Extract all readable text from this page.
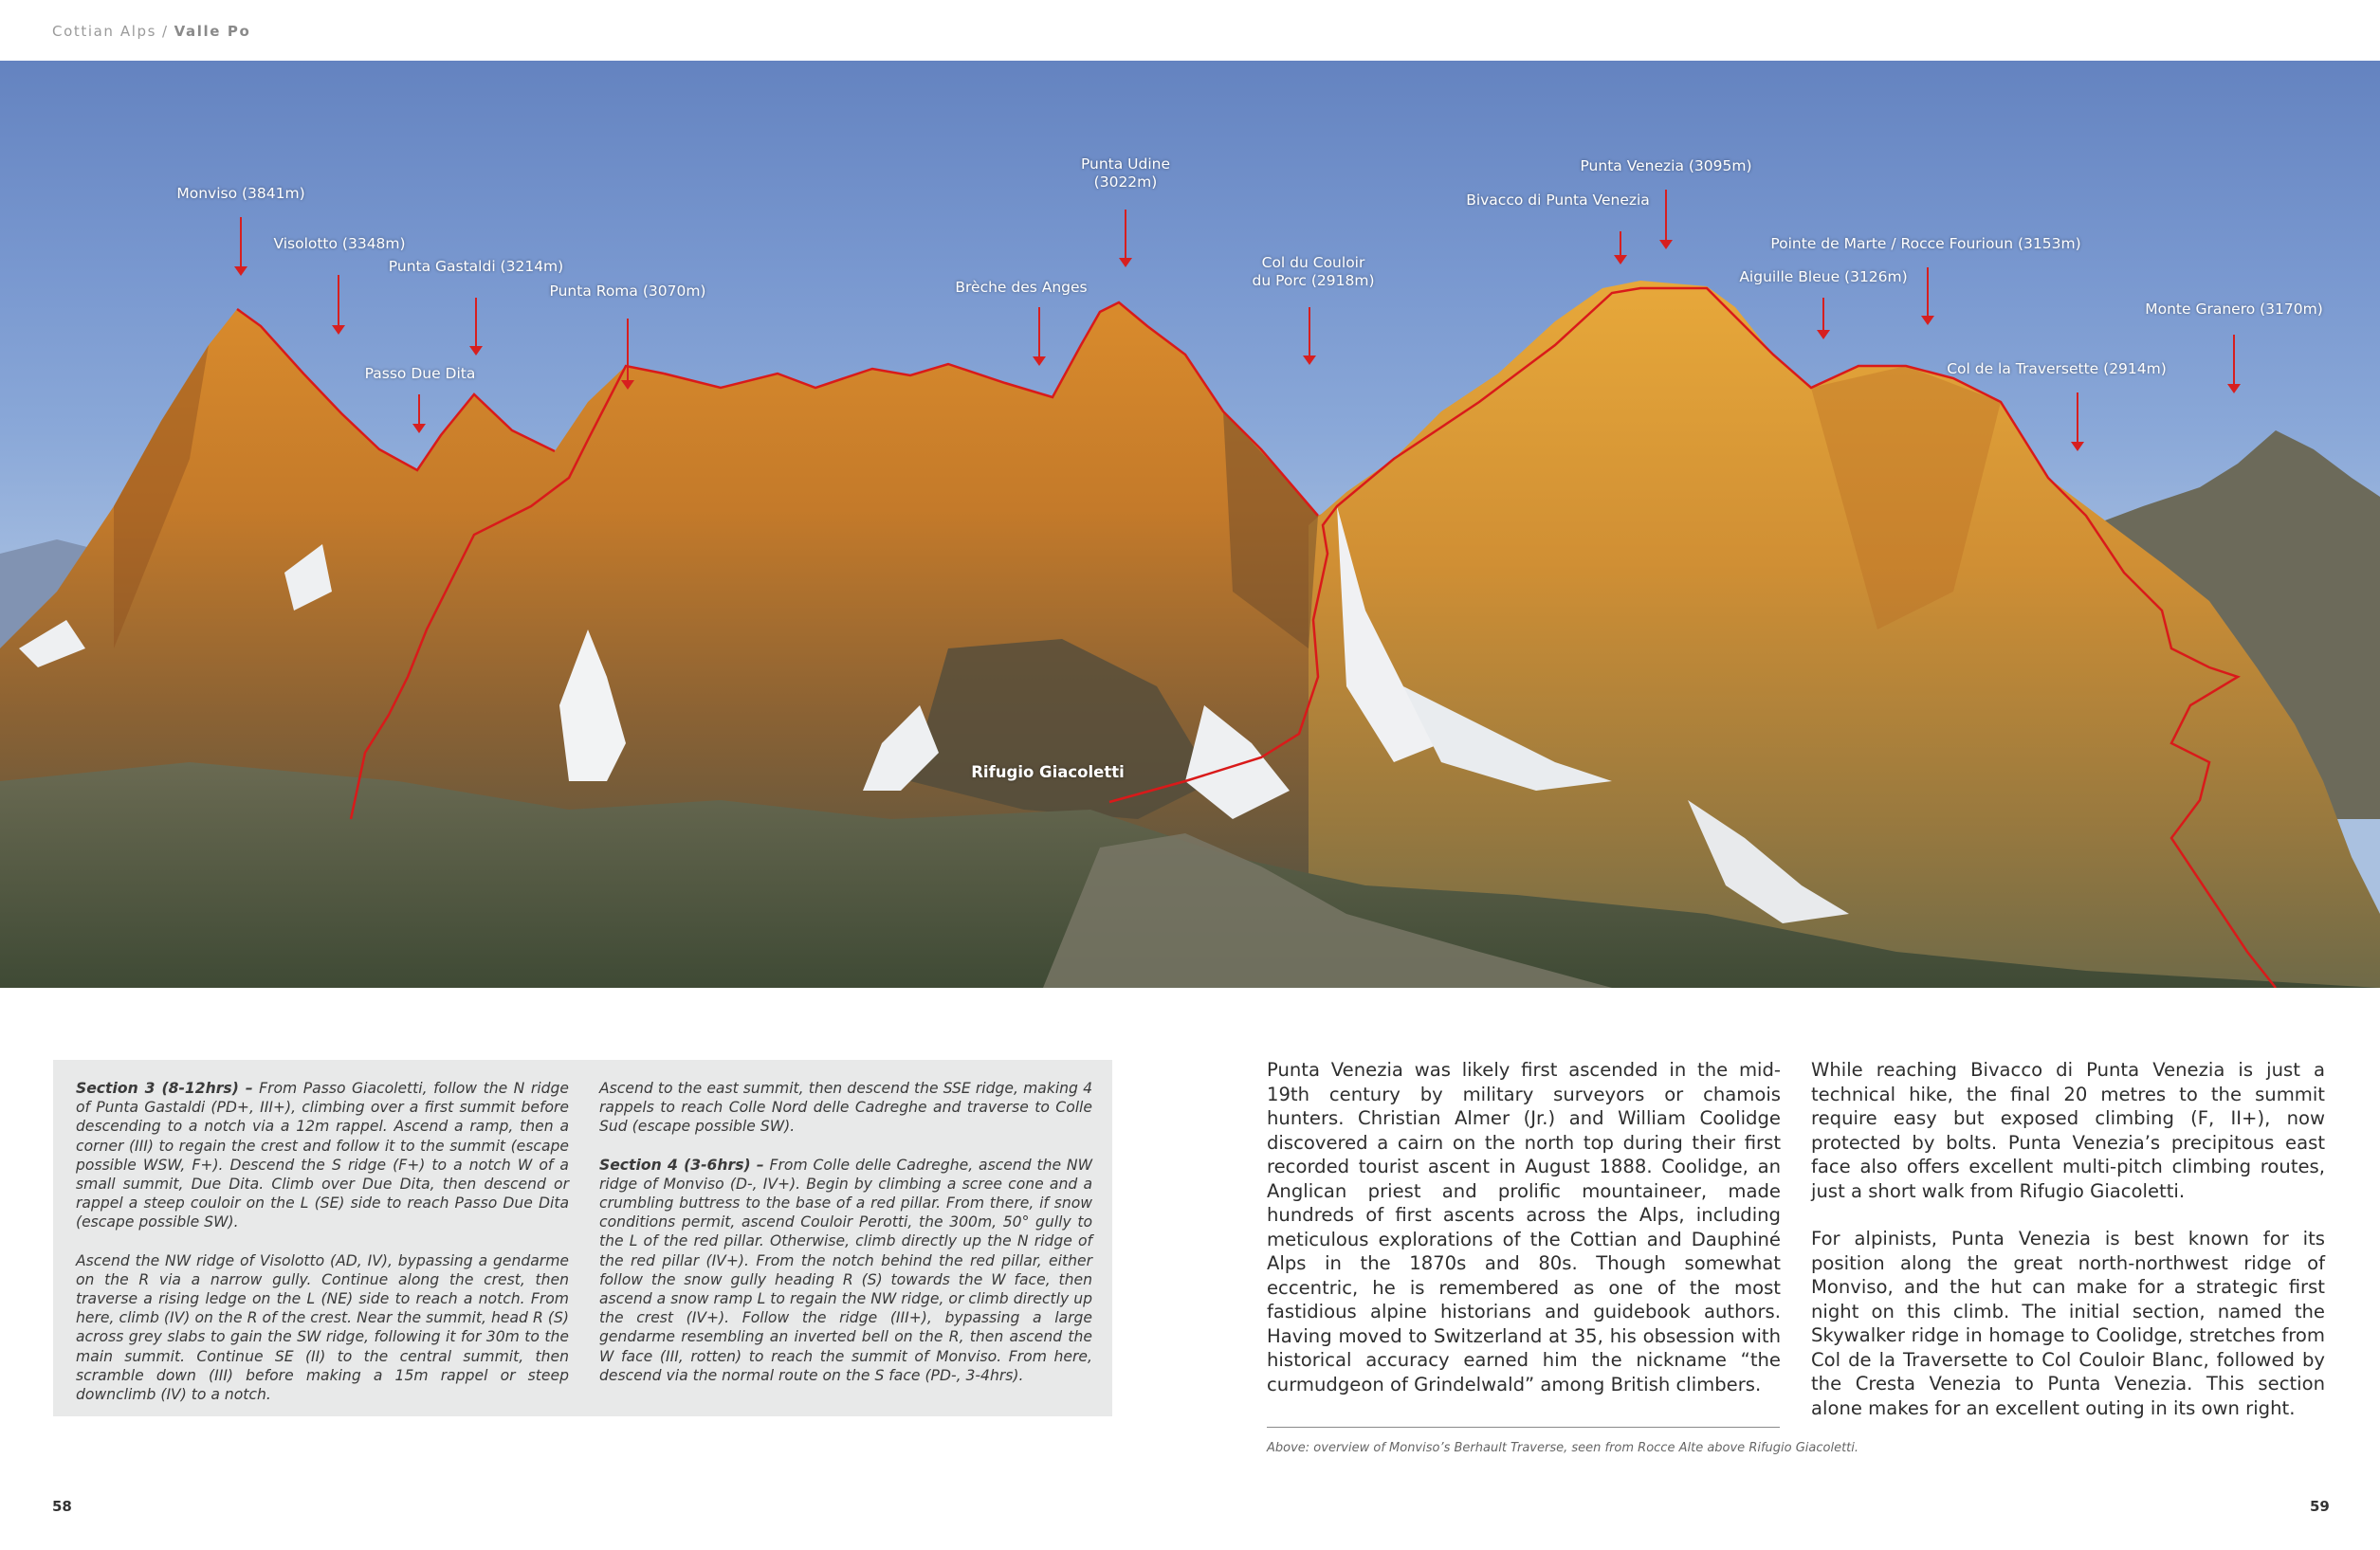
Cottian Alps / Valle Po
Monviso (3841m)
Visolotto (3348m)
Punta Gastaldi (3214m)
Passo Due Dita
Punta Roma (3070m)	Brèche des Anges
Punta Udine
(3022m)
Col du Couloir
du Porc (2918m)
Bivacco di Punta Venezia
Punta Venezia (3095m)
Pointe de Marte / Rocce Fourioun (3153m)
Aiguille Bleue (3126m)
Monte Granero (3170m)
Col de la Traversette (2914m)
Rifugio Giacoletti

Section 3 (8-12hrs) – From Passo Giacoletti, follow the N ridge of Punta Gastaldi (PD+, III+), climbing over a first summit before descending to a notch via a 12m rappel. Ascend a ramp, then a corner (III) to regain the crest and follow it to the summit (escape possible WSW, F+). Descend the S ridge (F+) to a notch W of a small summit, Due Dita. Climb over Due Dita, then descend or rappel a steep couloir on the L (SE) side to reach Passo Due Dita (escape possible SW).

Ascend the NW ridge of Visolotto (AD, IV), bypassing a gendarme on the R via a narrow gully. Continue along the crest, then traverse a rising ledge on the L (NE) side to reach a notch. From here, climb (IV) on the R of the crest. Near the summit, head R (S) across grey slabs to gain the SW ridge, following it for 30m to the main summit. Continue SE (II) to the central summit, then scramble down (III) before making a 15m rappel or steep downclimb (IV) to a notch.

Ascend to the east summit, then descend the SSE ridge, making 4 rappels to reach Colle Nord delle Cadreghe and traverse to Colle Sud (escape possible SW).

Section 4 (3-6hrs) – From Colle delle Cadreghe, ascend the NW ridge of Monviso (D-, IV+). Begin by climbing a scree cone and a crumbling buttress to the base of a red pillar. From there, if snow conditions permit, ascend Couloir Perotti, the 300m, 50° gully to the L of the red pillar. Otherwise, climb directly up the N ridge of the red pillar (IV+). From the notch behind the red pillar, either follow the snow gully heading R (S) towards the W face, then ascend a snow ramp L to regain the NW ridge, or climb directly up the crest (IV+). Follow the ridge (III+), bypassing a large gendarme resembling an inverted bell on the R, then ascend the W face (III, rotten) to reach the summit of Monviso. From here, descend via the normal route on the S face (PD-, 3-4hrs).

Punta Venezia was likely first ascended in the mid-19th century by military surveyors or chamois hunters. Christian Almer (Jr.) and William Coolidge discovered a cairn on the north top during their first recorded tourist ascent in August 1888. Coolidge, an Anglican priest and prolific mountaineer, made hundreds of first ascents across the Alps, including meticulous explorations of the Cottian and Dauphiné Alps in the 1870s and 80s. Though somewhat eccentric, he is remembered as one of the most fastidious alpine historians and guidebook authors. Having moved to Switzerland at 35, his obsession with historical accuracy earned him the nickname “the curmudgeon of Grindelwald” among British climbers.

While reaching Bivacco di Punta Venezia is just a technical hike, the final 20 metres to the summit require easy but exposed climbing (F, II+), now protected by bolts. Punta Venezia’s precipitous east face also offers excellent multi-pitch climbing routes, just a short walk from Rifugio Giacoletti.

For alpinists, Punta Venezia is best known for its position along the great north-northwest ridge of Monviso, and the hut can make for a strategic first night on this climb. The initial section, named the Skywalker ridge in homage to Coolidge, stretches from Col de la Traversette to Col Couloir Blanc, followed by the Cresta Venezia to Punta Venezia. This section alone makes for an excellent outing in its own right.

Above: overview of Monviso’s Berhault Traverse, seen from Rocce Alte above Rifugio Giacoletti.
58	59
